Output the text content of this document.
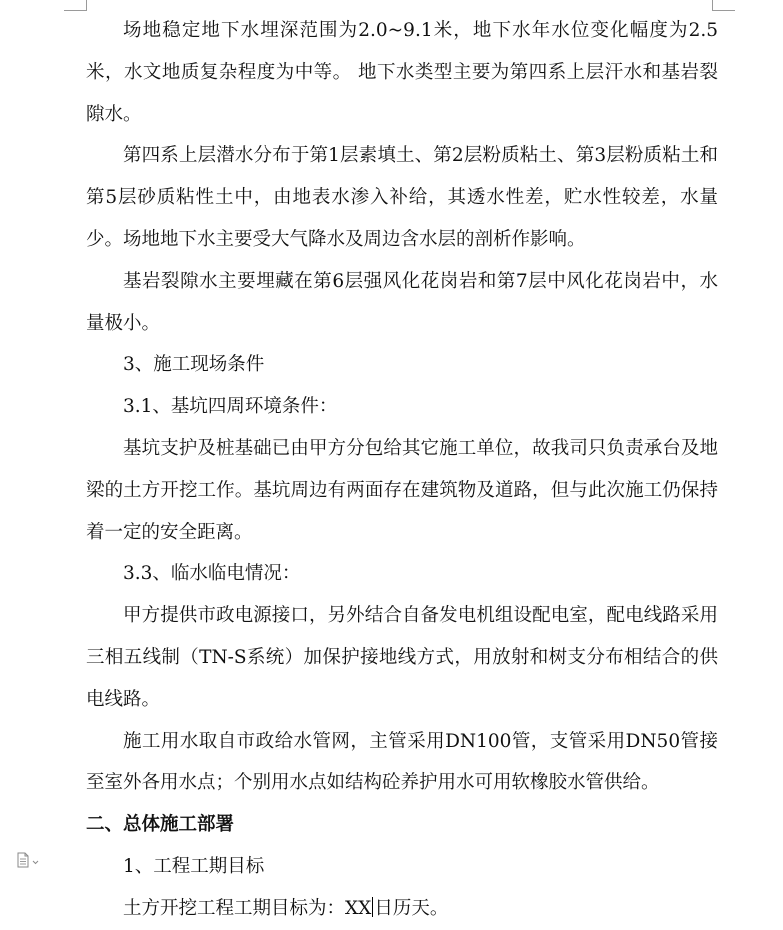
场地稳定地下水埋深范围为2.0~9.1米，地下水年水位变化幅度为2.5米，水文地质复杂程度为中等。 地下水类型主要为第四系上层汗水和基岩裂隙水。

第四系上层潜水分布于第1层素填土、第2层粉质粘土、第3层粉质粘土和第5层砂质粘性土中，由地表水渗入补给，其透水性差，贮水性较差，水量少。场地地下水主要受大气降水及周边含水层的剖析作影响。

基岩裂隙水主要埋藏在第6层强风化花岗岩和第7层中风化花岗岩中，水量极小。

3、施工现场条件

3.1、基坑四周环境条件：

基坑支护及桩基础已由甲方分包给其它施工单位，故我司只负责承台及地梁的土方开挖工作。基坑周边有两面存在建筑物及道路，但与此次施工仍保持着一定的安全距离。

3.3、临水临电情况：

甲方提供市政电源接口，另外结合自备发电机组设配电室，配电线路采用三相五线制（TN-S系统）加保护接地线方式，用放射和树支分布相结合的供电线路。

施工用水取自市政给水管网，主管采用DN100管，支管采用DN50管接至室外各用水点；个别用水点如结构砼养护用水可用软橡胶水管供给。

二、总体施工部署

1、工程工期目标

土方开挖工程工期目标为：XX 日历天。
